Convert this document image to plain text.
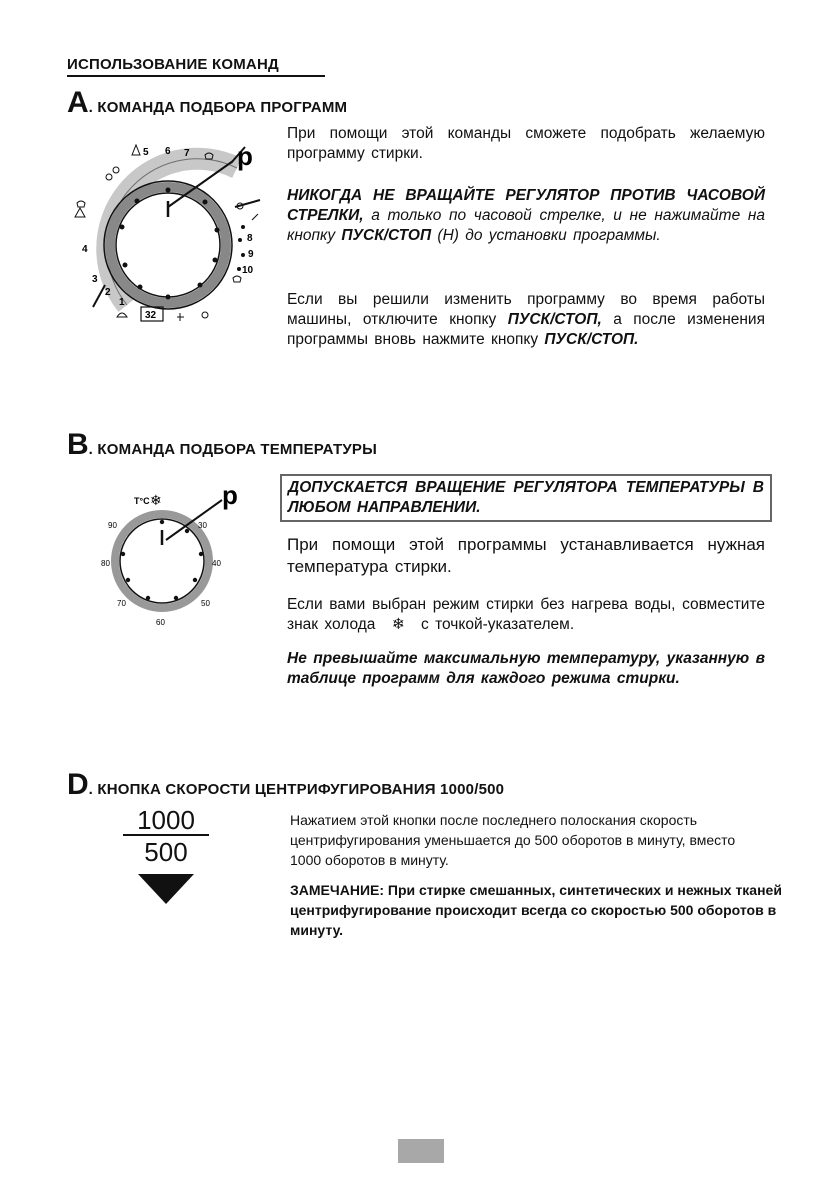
ИСПОЛЬЗОВАНИЕ КОМАНД
A. КОМАНДА ПОДБОРА ПРОГРАММ
p
5 6 7
4
3
2
1
8
9
10
32
При помощи этой команды сможете подобрать желаемую программу стирки.
НИКОГДА НЕ ВРАЩАЙТЕ РЕГУЛЯТОР ПРОТИВ ЧАСОВОЙ СТРЕЛКИ, а только по часовой стрелке, и не нажимайте на кнопку ПУСК/СТОП (H) до установки программы.
Если вы решили изменить программу во время работы машины, отключите кнопку ПУСК/СТОП, а после изменения программы вновь нажмите кнопку ПУСК/СТОП.
B. КОМАНДА ПОДБОРА ТЕМПЕРАТУРЫ
p
T°C ❄
30
40
50
60
70
80
90
ДОПУСКАЕТСЯ ВРАЩЕНИЕ РЕГУЛЯТОРА ТЕМПЕРАТУРЫ В ЛЮБОМ НАПРАВЛЕНИИ.
При помощи этой программы устанавливается нужная температура стирки.
Если вами выбран режим стирки без нагрева воды, совместите знак холода ❄ с точкой-указателем.
Не превышайте максимальную температуру, указанную в таблице программ для каждого режима стирки.
D. КНОПКА СКОРОСТИ ЦЕНТРИФУГИРОВАНИЯ 1000/500
1000
500
Нажатием этой кнопки после последнего полоскания скорость центрифугирования уменьшается до 500 оборотов в минуту, вместо 1000 оборотов в минуту.
ЗАМЕЧАНИЕ: При стирке смешанных, синтетических и нежных тканей центрифугирование происходит всегда со скоростью 500 оборотов в минуту.
